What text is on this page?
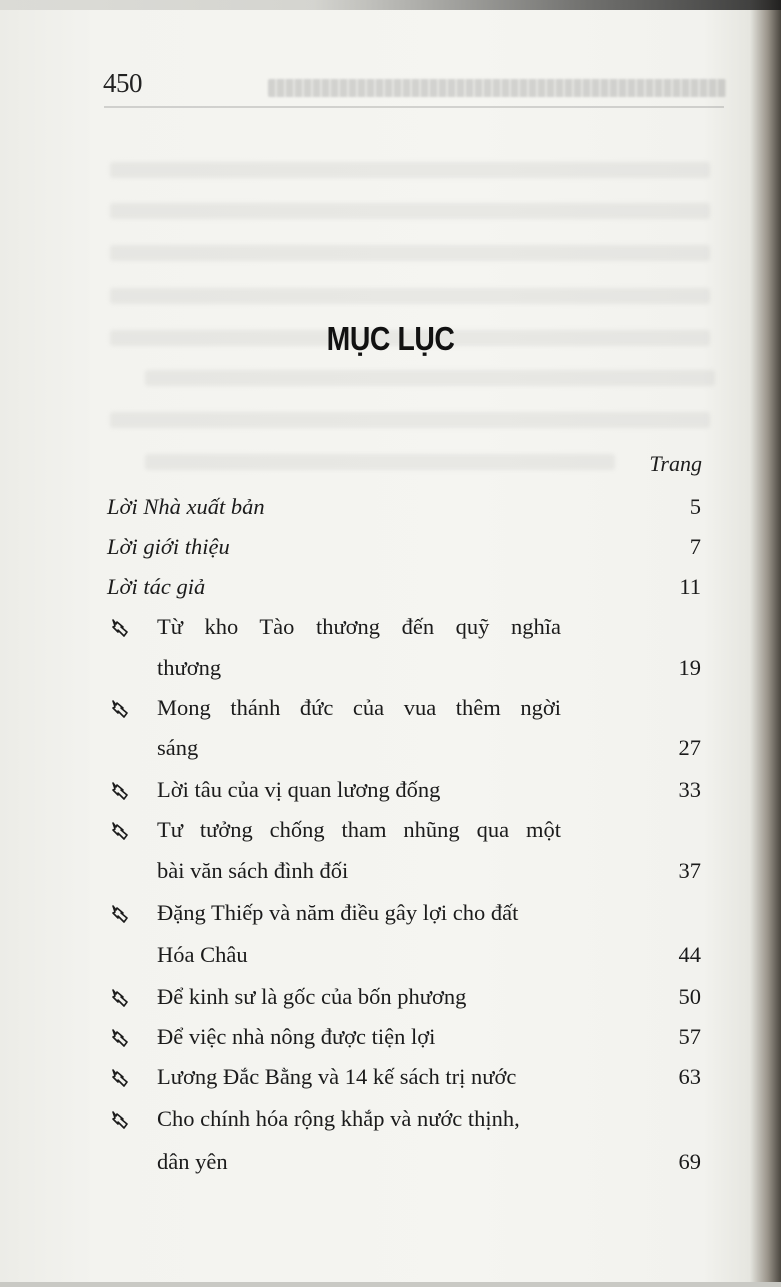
450
MỤC LỤC
Trang
Lời Nhà xuất bản	5
Lời giới thiệu	7
Lời tác giả	11
Từ kho Tào thương đến quỹ nghĩa
thương	19
Mong thánh đức của vua thêm ngời
sáng	27
Lời tâu của vị quan lương đống	33
Tư tưởng chống tham nhũng qua một
bài văn sách đình đối	37
Đặng Thiếp và năm điều gây lợi cho đất
Hóa Châu	44
Để kinh sư là gốc của bốn phương	50
Để việc nhà nông được tiện lợi	57
Lương Đắc Bằng và 14 kế sách trị nước	63
Cho chính hóa rộng khắp và nước thịnh,
dân yên	69
